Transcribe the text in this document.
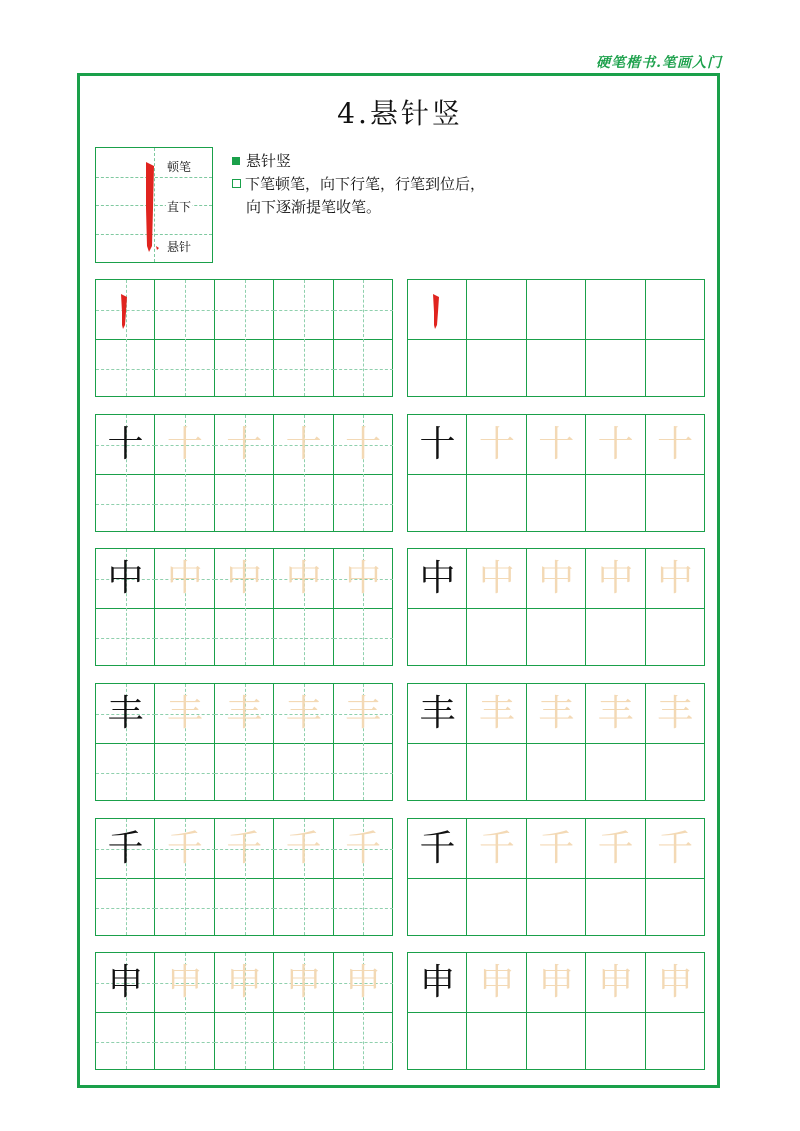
硬笔楷书.笔画入门
4.悬针竖
顿笔
直下
悬针
悬针竖
下笔顿笔，向下行笔，行笔到位后，
向下逐渐提笔收笔。
十 十 十 十 十	十 十 十 十 十
中 中 中 中 中	中 中 中 中 中
丰 丰 丰 丰 丰	丰 丰 丰 丰 丰
千 千 千 千 千	千 千 千 千 千
申 申 申 申 申	申 申 申 申 申
